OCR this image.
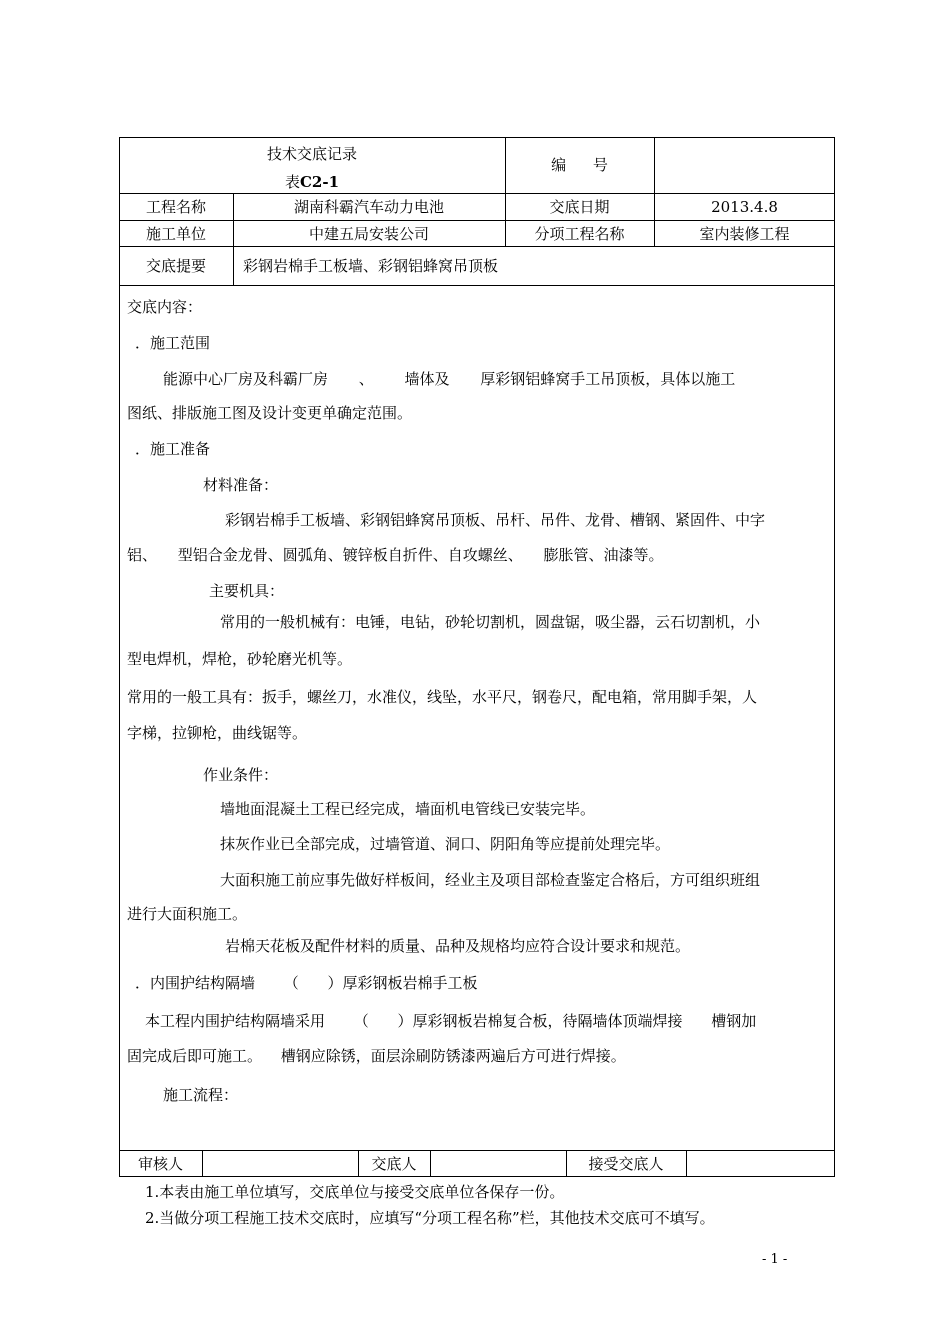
技术交底记录
表C2-1
编 号
工程名称	湖南科霸汽车动力电池	交底日期	2013.4.8
施工单位	中建五局安装公司	分项工程名称	室内装修工程
交底提要	彩钢岩棉手工板墙、彩钢铝蜂窝吊顶板
交底内容：
．施工范围
能源中心厂房及科霸厂房 、 墙体及 厚彩钢铝蜂窝手工吊顶板，具体以施工
图纸、排版施工图及设计变更单确定范围。
．施工准备
材料准备：
彩钢岩棉手工板墙、彩钢铝蜂窝吊顶板、吊杆、吊件、龙骨、槽钢、紧固件、中字
铝、 型铝合金龙骨、圆弧角、镀锌板自折件、自攻螺丝、 膨胀管、油漆等。
主要机具：
常用的一般机械有：电锤，电钻，砂轮切割机，圆盘锯，吸尘器，云石切割机，小
型电焊机，焊枪，砂轮磨光机等。
常用的一般工具有：扳手，螺丝刀，水准仪，线坠，水平尺，钢卷尺，配电箱，常用脚手架，人
字梯，拉铆枪，曲线锯等。
作业条件：
墙地面混凝土工程已经完成，墙面机电管线已安装完毕。
抹灰作业已全部完成，过墙管道、洞口、阴阳角等应提前处理完毕。
大面积施工前应事先做好样板间，经业主及项目部检查鉴定合格后，方可组织班组
进行大面积施工。
岩棉天花板及配件材料的质量、品种及规格均应符合设计要求和规范。
．内围护结构隔墙 （ ）厚彩钢板岩棉手工板
本工程内围护结构隔墙采用 （ ）厚彩钢板岩棉复合板，待隔墙体顶端焊接 槽钢加
固完成后即可施工。 槽钢应除锈，面层涂刷防锈漆两遍后方可进行焊接。
施工流程：
审核人	交底人	接受交底人
1.本表由施工单位填写，交底单位与接受交底单位各保存一份。
2.当做分项工程施工技术交底时，应填写“分项工程名称”栏，其他技术交底可不填写。
- 1 -
